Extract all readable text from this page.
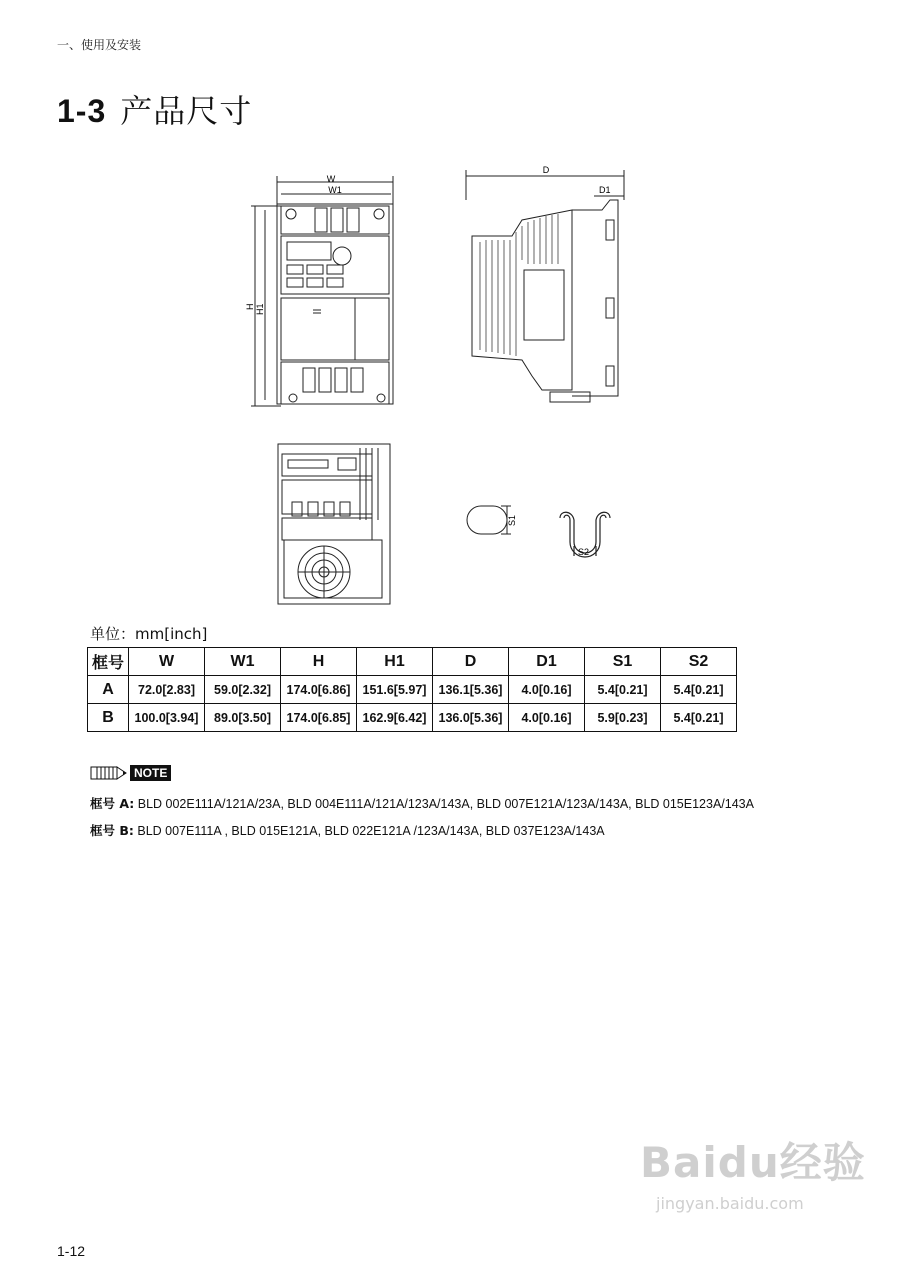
一、使用及安装
1-3 产品尺寸
W
W1
H H1
D
D1
S1
S2
单位：mm[inch]
框号	W	W1	H	H1	D	D1	S1	S2
A	72.0[2.83]	59.0[2.32]	174.0[6.86]	151.6[5.97]	136.1[5.36]	4.0[0.16]	5.4[0.21]	5.4[0.21]
B	100.0[3.94]	89.0[3.50]	174.0[6.85]	162.9[6.42]	136.0[5.36]	4.0[0.16]	5.9[0.23]	5.4[0.21]
NOTE
框号 A: BLD 002E111A/121A/23A, BLD 004E111A/121A/123A/143A, BLD 007E121A/123A/143A, BLD 015E123A/143A
框号 B: BLD 007E111A , BLD 015E121A, BLD 022E121A /123A/143A, BLD 037E123A/143A
Baidu经验
jingyan.baidu.com
1-12
